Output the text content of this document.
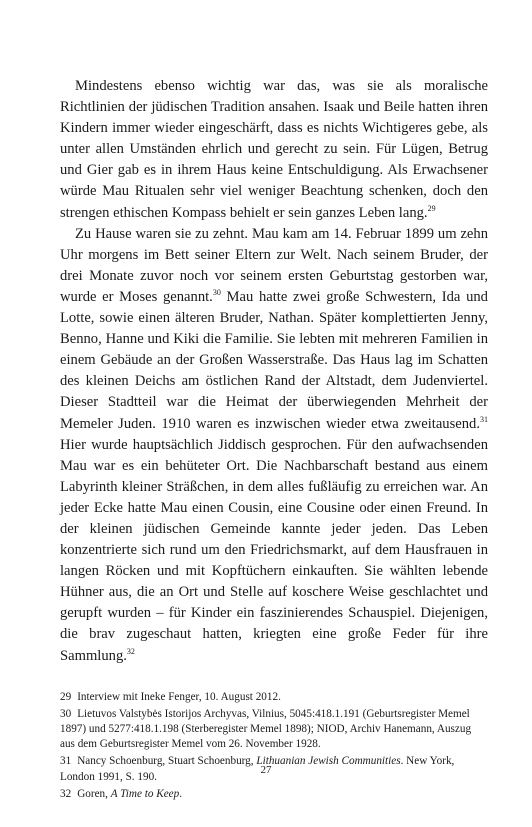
Mindestens ebenso wichtig war das, was sie als moralische Richtlinien der jüdischen Tradition ansahen. Isaak und Beile hatten ihren Kindern immer wieder eingeschärft, dass es nichts Wichtigeres gebe, als unter allen Umständen ehrlich und gerecht zu sein. Für Lügen, Betrug und Gier gab es in ihrem Haus keine Entschuldigung. Als Erwachsener würde Mau Ritualen sehr viel weniger Beachtung schenken, doch den strengen ethischen Kompass behielt er sein ganzes Leben lang.$^{29}$

Zu Hause waren sie zu zehnt. Mau kam am 14. Februar 1899 um zehn Uhr morgens im Bett seiner Eltern zur Welt. Nach seinem Bruder, der drei Monate zuvor noch vor seinem ersten Geburtstag gestorben war, wurde er Moses genannt.$^{30}$ Mau hatte zwei große Schwestern, Ida und Lotte, sowie einen älteren Bruder, Nathan. Später komplettierten Jenny, Benno, Hanne und Kiki die Familie. Sie lebten mit mehreren Familien in einem Gebäude an der Großen Wasserstraße. Das Haus lag im Schatten des kleinen Deichs am östlichen Rand der Altstadt, dem Judenviertel. Dieser Stadtteil war die Heimat der überwiegenden Mehrheit der Memeler Juden. 1910 waren es inzwischen wieder etwa zweitausend.$^{31}$ Hier wurde hauptsächlich Jiddisch gesprochen. Für den aufwachsenden Mau war es ein behüteter Ort. Die Nachbarschaft bestand aus einem Labyrinth kleiner Sträßchen, in dem alles fußläufig zu erreichen war. An jeder Ecke hatte Mau einen Cousin, eine Cousine oder einen Freund. In der kleinen jüdischen Gemeinde kannte jeder jeden. Das Leben konzentrierte sich rund um den Friedrichsmarkt, auf dem Hausfrauen in langen Röcken und mit Kopftüchern einkauften. Sie wählten lebende Hühner aus, die an Ort und Stelle auf koschere Weise geschlachtet und gerupft wurden – für Kinder ein faszinierendes Schauspiel. Diejenigen, die brav zugeschaut hatten, kriegten eine große Feder für ihre Sammlung.$^{32}$

29 Interview mit Ineke Fenger, 10. August 2012.

30 Lietuvos Valstybės Istorijos Archyvas, Vilnius, 5045:418.1.191 (Geburtsregister Memel 1897) und 5277:418.1.198 (Sterberegister Memel 1898); NIOD, Archiv Hanemann, Auszug aus dem Geburtsregister Memel vom 26. November 1928.

31 Nancy Schoenburg, Stuart Schoenburg, Lithuanian Jewish Communities. New York, London 1991, S. 190.

32 Goren, A Time to Keep.

27
